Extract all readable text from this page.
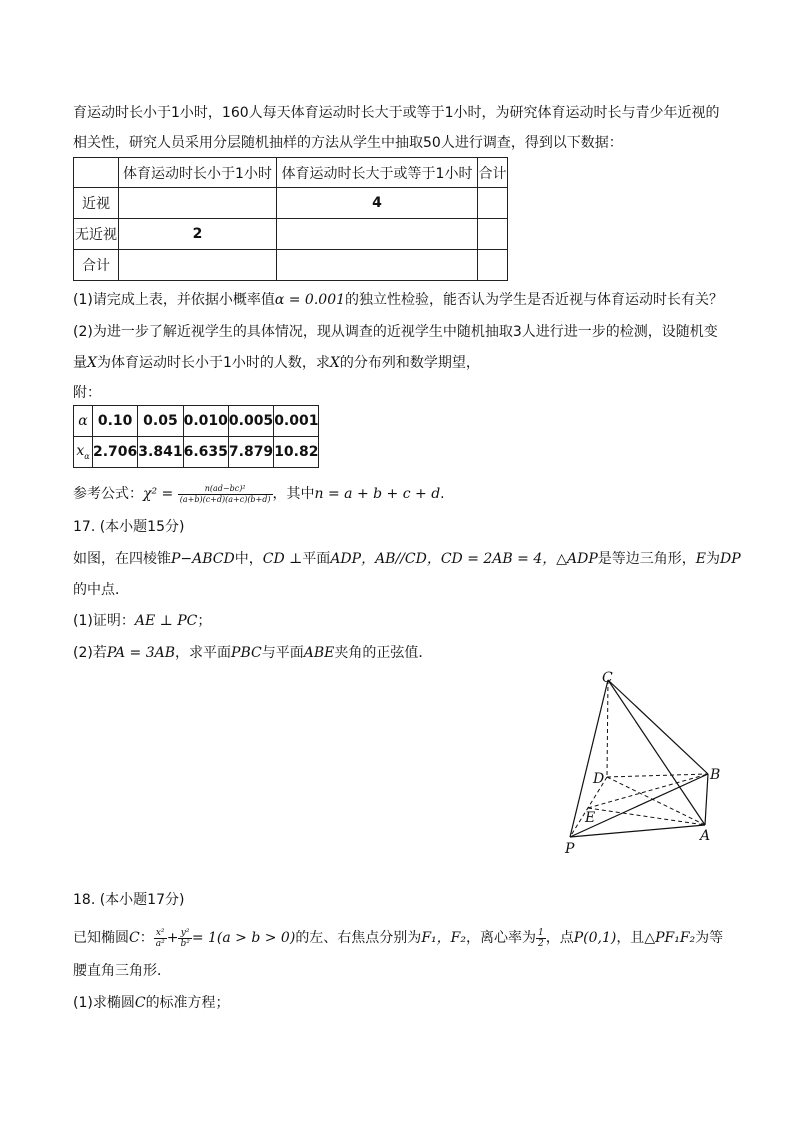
育运动时长小于1小时，160人每天体育运动时长大于或等于1小时，为研究体育运动时长与青少年近视的
相关性，研究人员采用分层随机抽样的方法从学生中抽取50人进行调查，得到以下数据：
	体育运动时长小于1小时	体育运动时长大于或等于1小时	合计
近视		4	
无近视	2		
合计			
(1)请完成上表，并依据小概率值α = 0.001的独立性检验，能否认为学生是否近视与体育运动时长有关？
(2)为进一步了解近视学生的具体情况，现从调查的近视学生中随机抽取3人进行进一步的检测，设随机变
量X为体育运动时长小于1小时的人数，求X的分布列和数学期望，
附：
α	0.10	0.05	0.010	0.005	0.001
$x_\alpha$	2.706	3.841	6.635	7.879	10.82
参考公式：$\chi^2 = \frac{\text{n(ad−bc)²}}{(a+b)(c+d)(a+c)(b+d)}$ ，其中n = a + b + c + d.
17. (本小题15分)
如图，在四棱锥P−ABCD中，CD ⊥平面ADP，AB//CD，CD = 2AB = 4，△ADP是等边三角形，E为DP
的中点．
(1)证明：AE ⊥ PC；
(2)若PA = 3AB，求平面PBC与平面ABE夹角的正弦值．
C
B
D
E
A
P
18. (本小题17分)
已知椭圆C： $\frac{\text{x²}}{\text{a²}} + \frac{\text{y²}}{\text{b²}} = 1(a > b > 0)$的左、右焦点分别为F₁，F₂，离心率为 $\frac{1}{2}$ ，点P(0,1)，且△PF₁F₂为等
腰直角三角形．
(1)求椭圆C的标准方程；
